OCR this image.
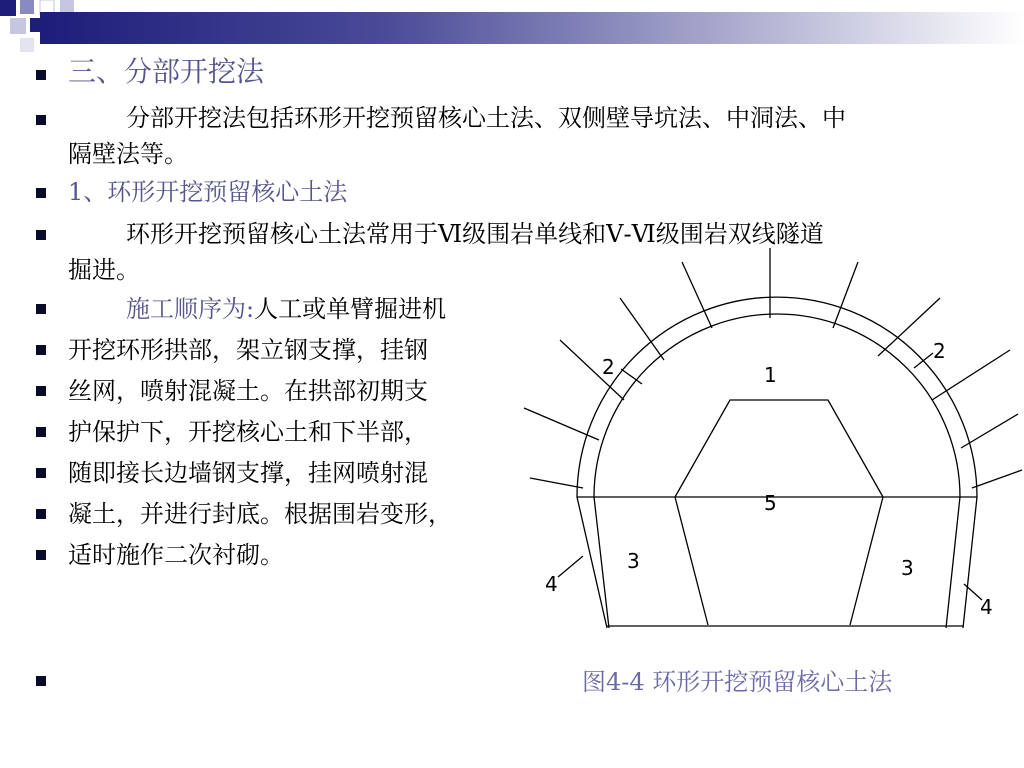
三、分部开挖法
分部开挖法包括环形开挖预留核心土法、双侧壁导坑法、中洞法、中
隔壁法等。
1、环形开挖预留核心土法
环形开挖预留核心土法常用于Ⅵ级围岩单线和Ⅴ-Ⅵ级围岩双线隧道
掘进。
施工顺序为:人工或单臂掘进机
开挖环形拱部，架立钢支撑，挂钢
丝网，喷射混凝土。在拱部初期支
护保护下，开挖核心土和下半部，
随即接长边墙钢支撑，挂网喷射混
凝土，并进行封底。根据围岩变形，
适时施作二次衬砌。
1
2
2
5
3	3
4
4
图4-4 环形开挖预留核心土法
